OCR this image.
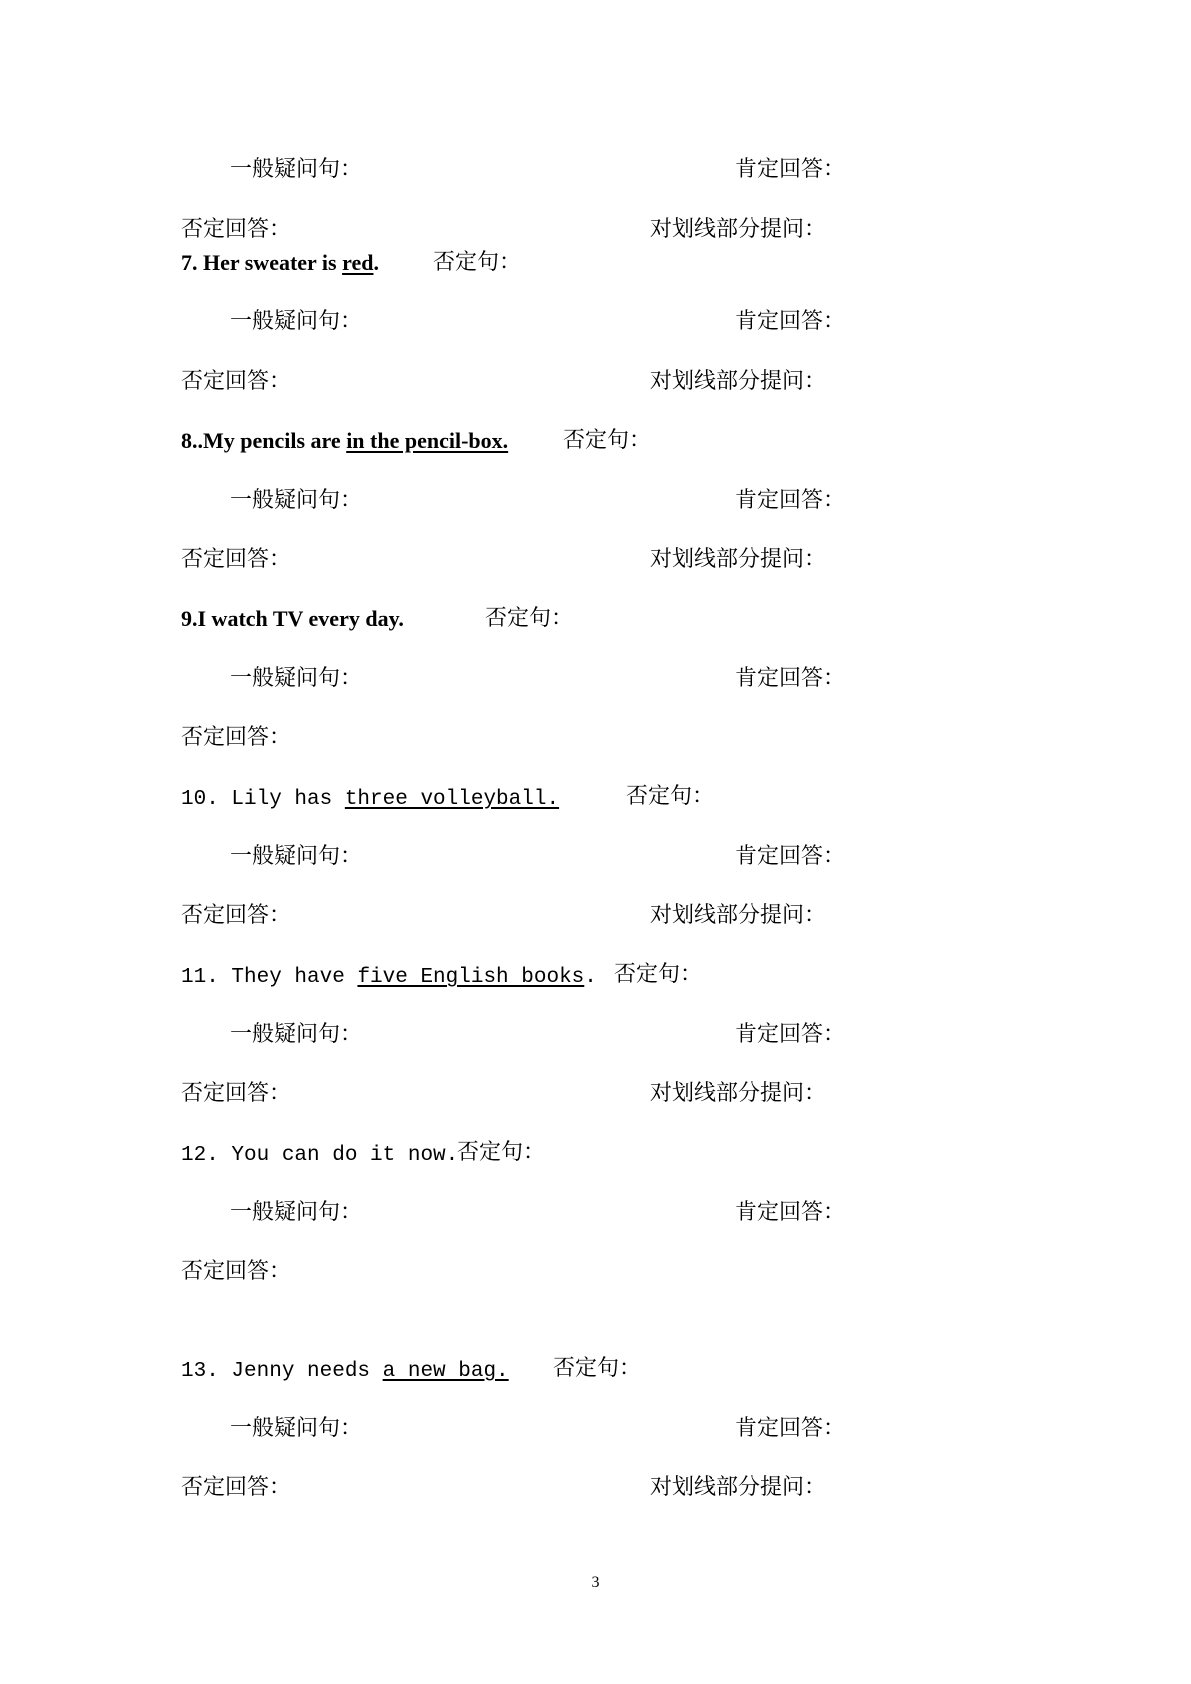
一般疑问句：	肯定回答：
否定回答：	对划线部分提问：
7. Her sweater is red. 否定句：
一般疑问句：	肯定回答：
否定回答：	对划线部分提问：
8..My pencils are in the pencil-box. 否定句：
一般疑问句：	肯定回答：
否定回答：	对划线部分提问：
9.I watch TV every day.	否定句：
一般疑问句：	肯定回答：
否定回答：
10. Lily has three volleyball.	否定句：
一般疑问句：	肯定回答：
否定回答：	对划线部分提问：
11. They have five English books. 否定句：
一般疑问句：	肯定回答：
否定回答：	对划线部分提问：
12. You can do it now.
否定句：
一般疑问句：	肯定回答：
否定回答：
13. Jenny needs a new bag. 否定句：
一般疑问句：	肯定回答：
否定回答：	对划线部分提问：
3
